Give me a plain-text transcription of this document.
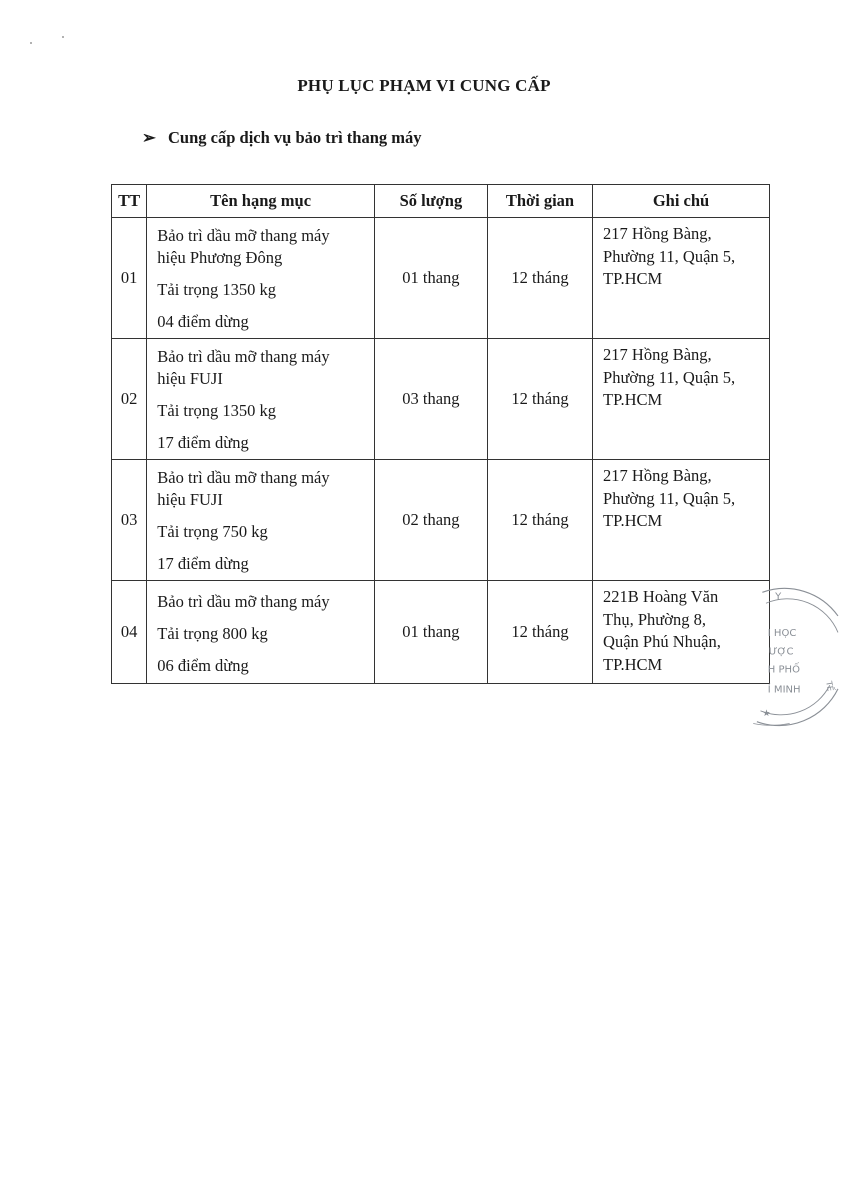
PHỤ LỤC PHẠM VI CUNG CẤP
➢ Cung cấp dịch vụ bảo trì thang máy
TT	Tên hạng mục	Số lượng	Thời gian	Ghi chú
01	Bảo trì dầu mỡ thang máy
hiệu Phương Đông
Tải trọng 1350 kg
04 điểm dừng	01 thang	12 tháng	217 Hồng Bàng,
Phường 11, Quận 5,
TP.HCM

02	Bảo trì dầu mỡ thang máy
hiệu FUJI
Tải trọng 1350 kg
17 điểm dừng	03 thang	12 tháng	217 Hồng Bàng,
Phường 11, Quận 5,
TP.HCM

03	Bảo trì dầu mỡ thang máy
hiệu FUJI
Tải trọng 750 kg
17 điểm dừng	02 thang	12 tháng	217 Hồng Bàng,
Phường 11, Quận 5,
TP.HCM

04	Bảo trì dầu mỡ thang máy
Tải trọng 800 kg
06 điểm dừng	01 thang	12 tháng	221B Hoàng Văn
Thụ, Phường 8,
Quận Phú Nhuận,
TP.HCM
Y
I HỌC
ƯỢC
H PHỐ
Í MINH	TẾ
★
